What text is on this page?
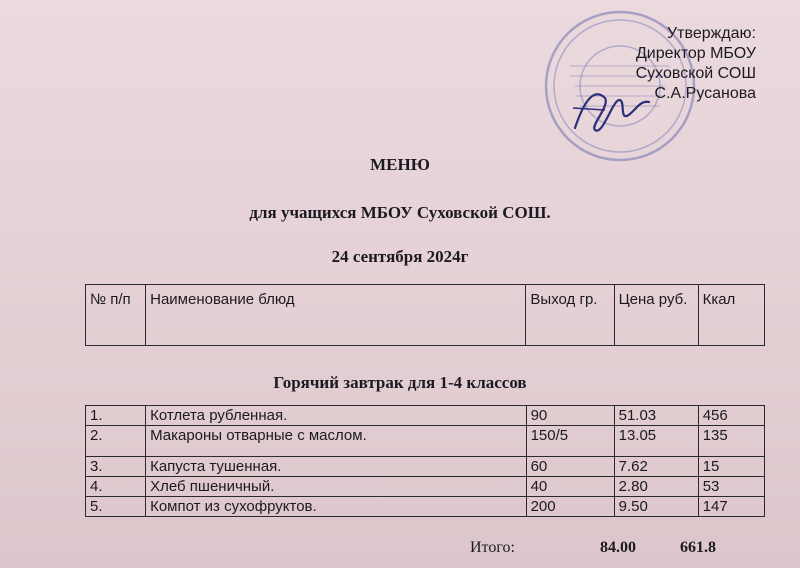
Утверждаю:
Директор МБОУ
Суховской СОШ
С.А.Русанова
МЕНЮ
для учащихся МБОУ Суховской СОШ.
24 сентября 2024г
№ п/п	Наименование блюд	Выход гр.	Цена руб.	Ккал
Горячий завтрак для 1-4 классов
1.	Котлета рубленная.	90	51.03	456
2.	Макароны отварные с маслом.	150/5	13.05	135
3.	Капуста тушенная.	60	7.62	15
4.	Хлеб пшеничный.	40	2.80	53
5.	Компот из сухофруктов.	200	9.50	147
Итого:	84.00	661.8
